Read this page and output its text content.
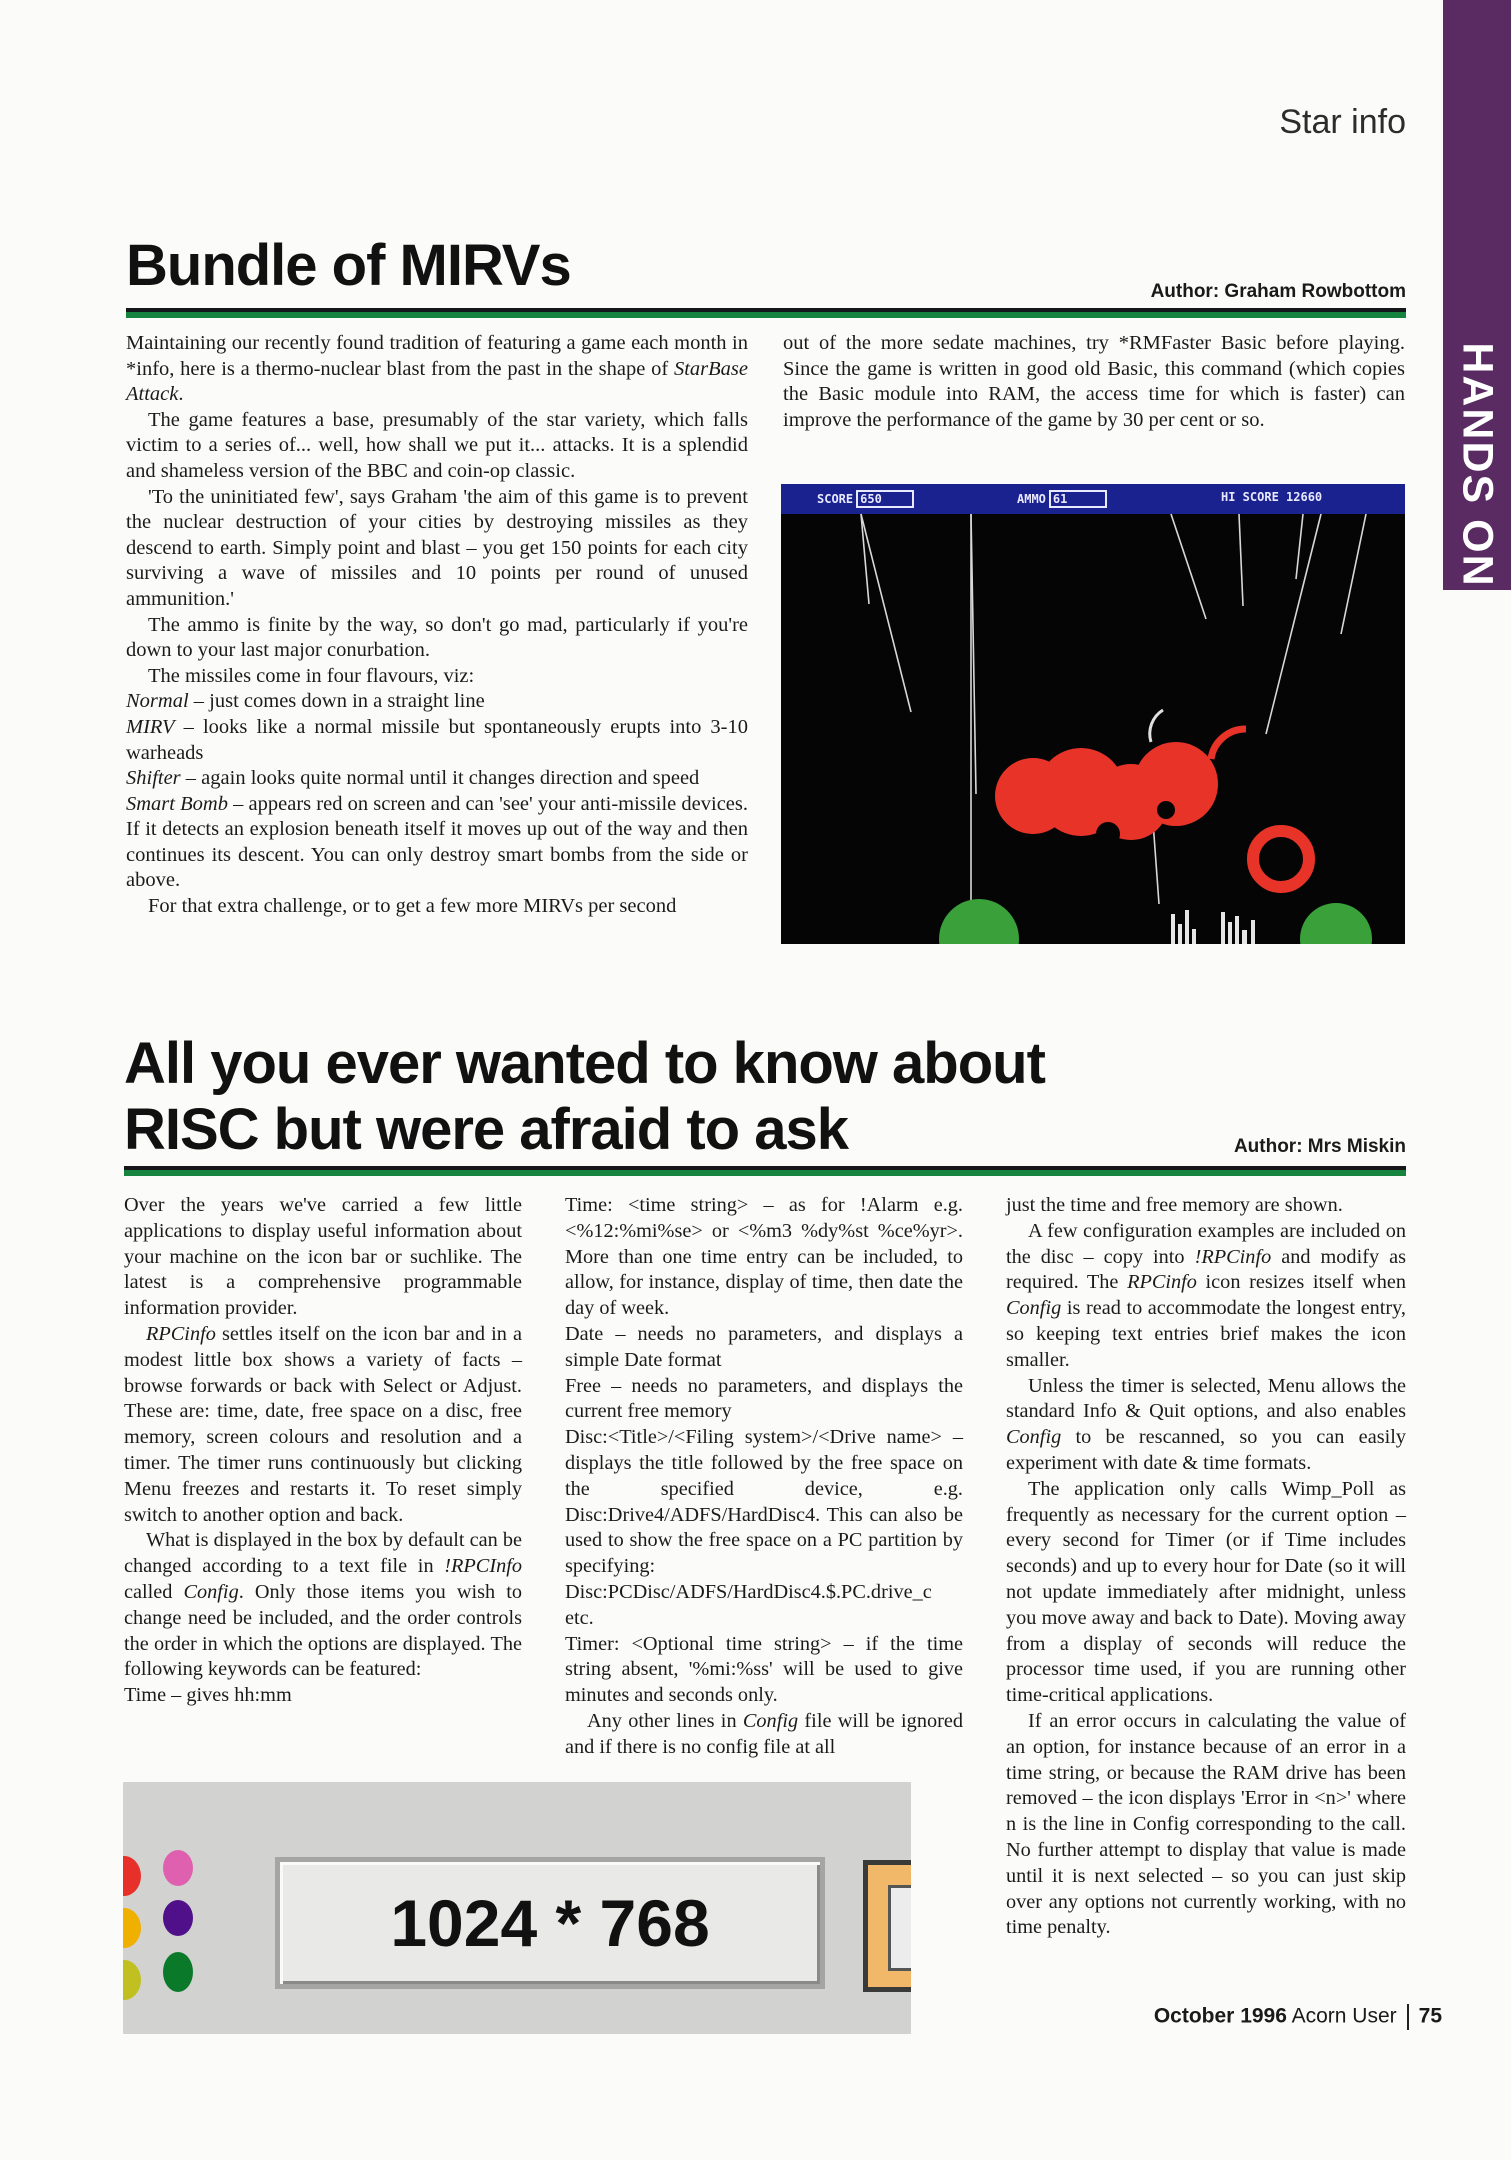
HANDS ON
Star info
Bundle of MIRVs	Author: Graham Rowbottom

Maintaining our recently found tradition of featuring a game each month in *info, here is a thermo-nuclear blast from the past in the shape of StarBase Attack.

The game features a base, presumably of the star variety, which falls victim to a series of... well, how shall we put it... attacks. It is a splendid and shameless version of the BBC and coin-op classic.

'To the uninitiated few', says Graham 'the aim of this game is to prevent the nuclear destruction of your cities by destroying missiles as they descend to earth. Simply point and blast – you get 150 points for each city surviving a wave of missiles and 10 points per round of unused ammunition.'

The ammo is finite by the way, so don't go mad, particularly if you're down to your last major conurbation.

The missiles come in four flavours, viz:

Normal – just comes down in a straight line

MIRV – looks like a normal missile but spontaneously erupts into 3-10 warheads

Shifter – again looks quite normal until it changes direction and speed

Smart Bomb – appears red on screen and can 'see' your anti-missile devices. If it detects an explosion beneath itself it moves up out of the way and then continues its descent. You can only destroy smart bombs from the side or above.

For that extra challenge, or to get a few more MIRVs per second

out of the more sedate machines, try *RMFaster Basic before playing. Since the game is written in good old Basic, this command (which copies the Basic module into RAM, the access time for which is faster) can improve the performance of the game by 30 per cent or so.

SCORE 650	AMMO 61	HI SCORE 12660
All you ever wanted to know about
RISC but were afraid to ask	Author: Mrs Miskin

Over the years we've carried a few little applications to display useful information about your machine on the icon bar or suchlike. The latest is a comprehensive programmable information provider.

RPCinfo settles itself on the icon bar and in a modest little box shows a variety of facts – browse forwards or back with Select or Adjust. These are: time, date, free space on a disc, free memory, screen colours and resolution and a timer. The timer runs continuously but clicking Menu freezes and restarts it. To reset simply switch to another option and back.

What is displayed in the box by default can be changed according to a text file in !RPCInfo called Config. Only those items you wish to change need be included, and the order controls the order in which the options are displayed. The following keywords can be featured:

Time – gives hh:mm

Time: <time string> – as for !Alarm e.g. <%12:%mi%se> or <%m3 %dy%st %ce%yr>. More than one time entry can be included, to allow, for instance, display of time, then date the day of week.

Date – needs no parameters, and displays a simple Date format

Free – needs no parameters, and displays the current free memory

Disc:<Title>/<Filing system>/<Drive name> – displays the title followed by the free space on the specified device, e.g. Disc:Drive4/ADFS/HardDisc4. This can also be used to show the free space on a PC partition by specifying: Disc:PCDisc/ADFS/HardDisc4.$.PC.drive_c etc.

Timer: <Optional time string> – if the time string absent, '%mi:%ss' will be used to give minutes and seconds only.

Any other lines in Config file will be ignored and if there is no config file at all

just the time and free memory are shown.

A few configuration examples are included on the disc – copy into !RPCinfo and modify as required. The RPCinfo icon resizes itself when Config is read to accommodate the longest entry, so keeping text entries brief makes the icon smaller.

Unless the timer is selected, Menu allows the standard Info & Quit options, and also enables Config to be rescanned, so you can easily experiment with date & time formats.

The application only calls Wimp_Poll as frequently as necessary for the current option – every second for Timer (or if Time includes seconds) and up to every hour for Date (so it will not update immediately after midnight, unless you move away and back to Date). Moving away from a display of seconds will reduce the processor time used, if you are running other time-critical applications.

If an error occurs in calculating the value of an option, for instance because of an error in a time string, or because the RAM drive has been removed – the icon displays 'Error in <n>' where n is the line in Config corresponding to the call. No further attempt to display that value is made until it is next selected – so you can just skip over any options not currently working, with no time penalty.

1024 * 768
October 1996 Acorn User 75
